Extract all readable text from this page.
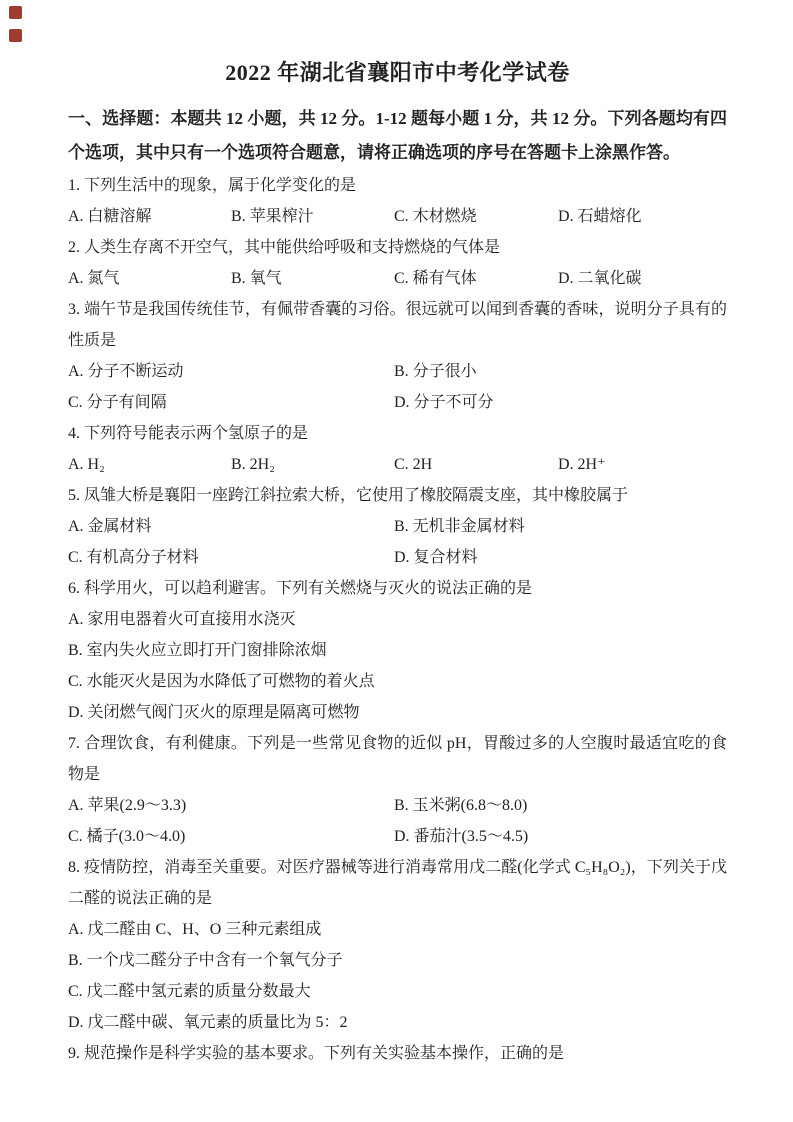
2022 年湖北省襄阳市中考化学试卷

一、选择题：本题共 12 小题，共 12 分。1-12 题每小题 1 分，共 12 分。下列各题均有四个选项，其中只有一个选项符合题意，请将正确选项的序号在答题卡上涂黑作答。

1. 下列生活中的现象，属于化学变化的是
A. 白糖溶解	B. 苹果榨汁	C. 木材燃烧	D. 石蜡熔化
2. 人类生存离不开空气，其中能供给呼吸和支持燃烧的气体是
A. 氮气	B. 氧气	C. 稀有气体	D. 二氧化碳
3. 端午节是我国传统佳节，有佩带香囊的习俗。很远就可以闻到香囊的香味，说明分子具有的性质是
A. 分子不断运动	B. 分子很小
C. 分子有间隔	D. 分子不可分
4. 下列符号能表示两个氢原子的是
A. H₂	B. 2H₂	C. 2H	D. 2H⁺
5. 凤雏大桥是襄阳一座跨江斜拉索大桥，它使用了橡胶隔震支座，其中橡胶属于
A. 金属材料	B. 无机非金属材料
C. 有机高分子材料	D. 复合材料
6. 科学用火，可以趋利避害。下列有关燃烧与灭火的说法正确的是
A. 家用电器着火可直接用水浇灭
B. 室内失火应立即打开门窗排除浓烟
C. 水能灭火是因为水降低了可燃物的着火点
D. 关闭燃气阀门灭火的原理是隔离可燃物
7. 合理饮食，有利健康。下列是一些常见食物的近似 pH，胃酸过多的人空腹时最适宜吃的食物是
A. 苹果(2.9～3.3)	B. 玉米粥(6.8～8.0)
C. 橘子(3.0～4.0)	D. 番茄汁(3.5～4.5)
8. 疫情防控，消毒至关重要。对医疗器械等进行消毒常用戊二醛(化学式 C₅H₈O₂)，下列关于戊二醛的说法正确的是
A. 戊二醛由 C、H、O 三种元素组成
B. 一个戊二醛分子中含有一个氧气分子
C. 戊二醛中氢元素的质量分数最大
D. 戊二醛中碳、氧元素的质量比为 5：2
9. 规范操作是科学实验的基本要求。下列有关实验基本操作，正确的是
